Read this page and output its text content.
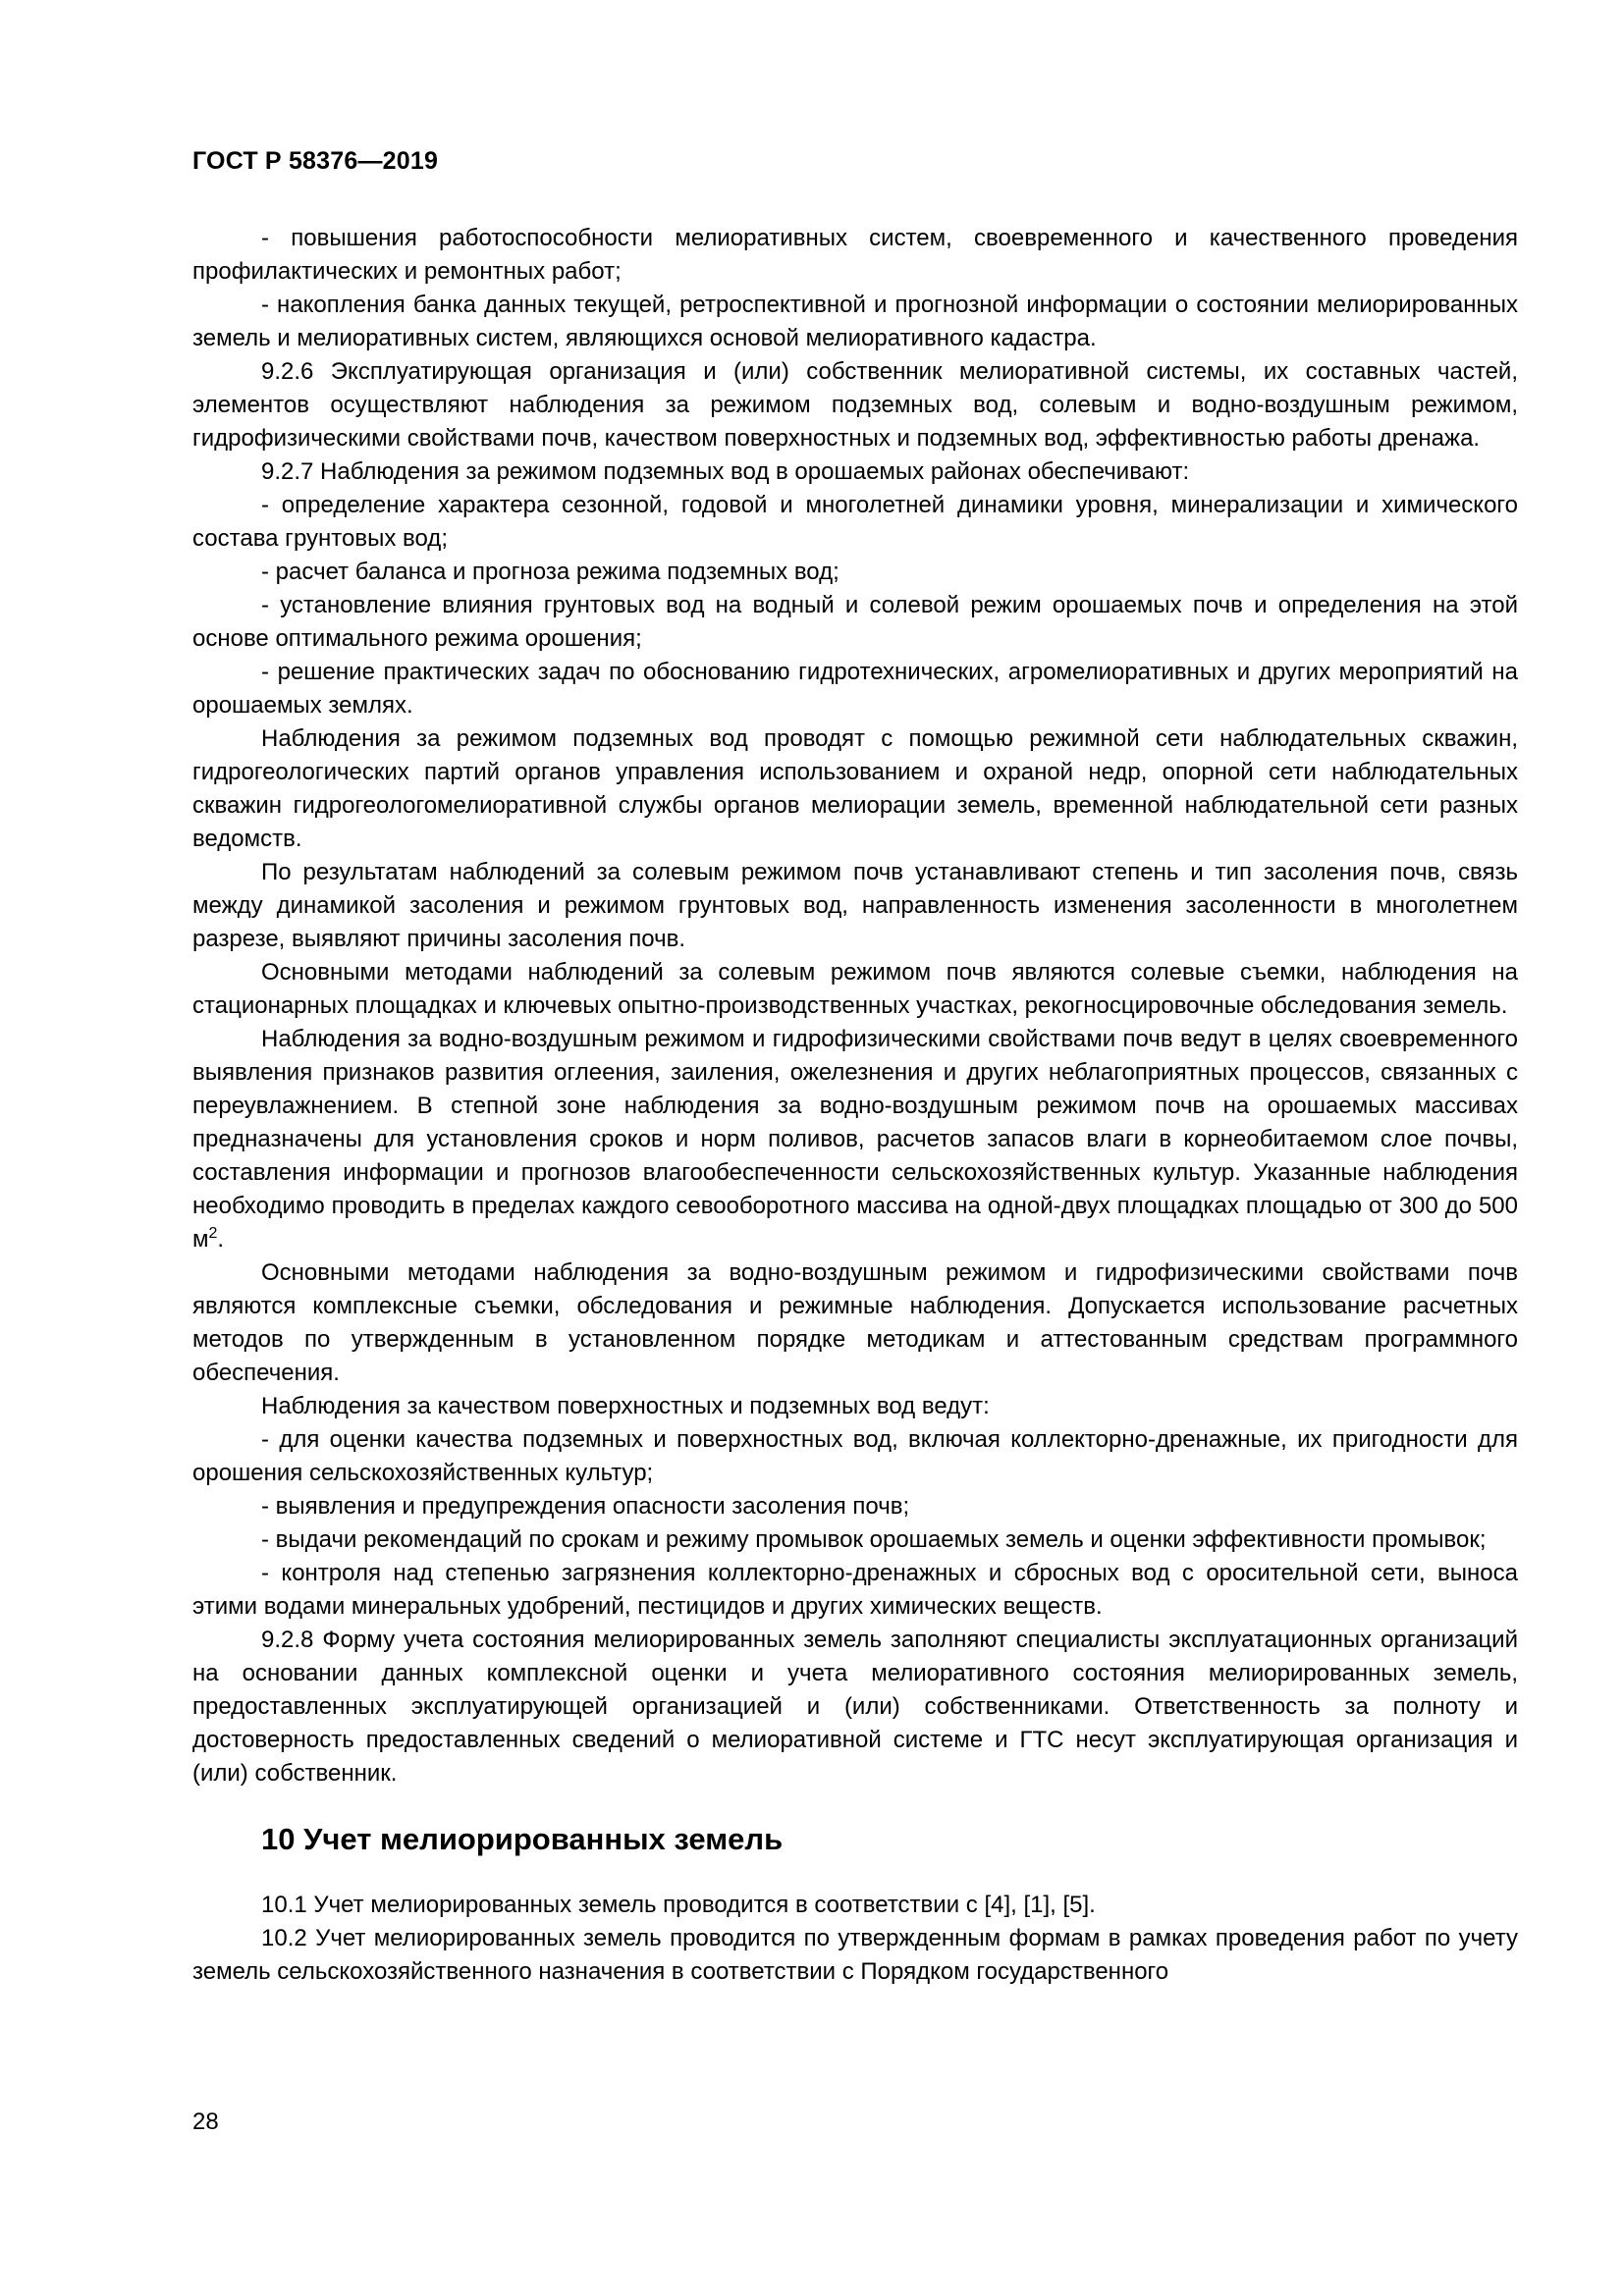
ГОСТ Р 58376—2019

- повышения работоспособности мелиоративных систем, своевременного и качественного проведения профилактических и ремонтных работ;

- накопления банка данных текущей, ретроспективной и прогнозной информации о состоянии мелиорированных земель и мелиоративных систем, являющихся основой мелиоративного кадастра.

9.2.6 Эксплуатирующая организация и (или) собственник мелиоративной системы, их составных частей, элементов осуществляют наблюдения за режимом подземных вод, солевым и водно-воздушным режимом, гидрофизическими свойствами почв, качеством поверхностных и подземных вод, эффективностью работы дренажа.

9.2.7 Наблюдения за режимом подземных вод в орошаемых районах обеспечивают:

- определение характера сезонной, годовой и многолетней динамики уровня, минерализации и химического состава грунтовых вод;

- расчет баланса и прогноза режима подземных вод;

- установление влияния грунтовых вод на водный и солевой режим орошаемых почв и определения на этой основе оптимального режима орошения;

- решение практических задач по обоснованию гидротехнических, агромелиоративных и других мероприятий на орошаемых землях.

Наблюдения за режимом подземных вод проводят с помощью режимной сети наблюдательных скважин, гидрогеологических партий органов управления использованием и охраной недр, опорной сети наблюдательных скважин гидрогеологомелиоративной службы органов мелиорации земель, временной наблюдательной сети разных ведомств.

По результатам наблюдений за солевым режимом почв устанавливают степень и тип засоления почв, связь между динамикой засоления и режимом грунтовых вод, направленность изменения засоленности в многолетнем разрезе, выявляют причины засоления почв.

Основными методами наблюдений за солевым режимом почв являются солевые съемки, наблюдения на стационарных площадках и ключевых опытно-производственных участках, рекогносцировочные обследования земель.

Наблюдения за водно-воздушным режимом и гидрофизическими свойствами почв ведут в целях своевременного выявления признаков развития оглеения, заиления, ожелезнения и других неблагоприятных процессов, связанных с переувлажнением. В степной зоне наблюдения за водно-воздушным режимом почв на орошаемых массивах предназначены для установления сроков и норм поливов, расчетов запасов влаги в корнеобитаемом слое почвы, составления информации и прогнозов влагообеспеченности сельскохозяйственных культур. Указанные наблюдения необходимо проводить в пределах каждого севооборотного массива на одной-двух площадках площадью от 300 до 500 $м^2$.

Основными методами наблюдения за водно-воздушным режимом и гидрофизическими свойствами почв являются комплексные съемки, обследования и режимные наблюдения. Допускается использование расчетных методов по утвержденным в установленном порядке методикам и аттестованным средствам программного обеспечения.

Наблюдения за качеством поверхностных и подземных вод ведут:

- для оценки качества подземных и поверхностных вод, включая коллекторно-дренажные, их пригодности для орошения сельскохозяйственных культур;

- выявления и предупреждения опасности засоления почв;

- выдачи рекомендаций по срокам и режиму промывок орошаемых земель и оценки эффективности промывок;

- контроля над степенью загрязнения коллекторно-дренажных и сбросных вод с оросительной сети, выноса этими водами минеральных удобрений, пестицидов и других химических веществ.

9.2.8 Форму учета состояния мелиорированных земель заполняют специалисты эксплуатационных организаций на основании данных комплексной оценки и учета мелиоративного состояния мелиорированных земель, предоставленных эксплуатирующей организацией и (или) собственниками. Ответственность за полноту и достоверность предоставленных сведений о мелиоративной системе и ГТС несут эксплуатирующая организация и (или) собственник.

10 Учет мелиорированных земель

10.1 Учет мелиорированных земель проводится в соответствии с [4], [1], [5].

10.2 Учет мелиорированных земель проводится по утвержденным формам в рамках проведения работ по учету земель сельскохозяйственного назначения в соответствии с Порядком государственного

28
